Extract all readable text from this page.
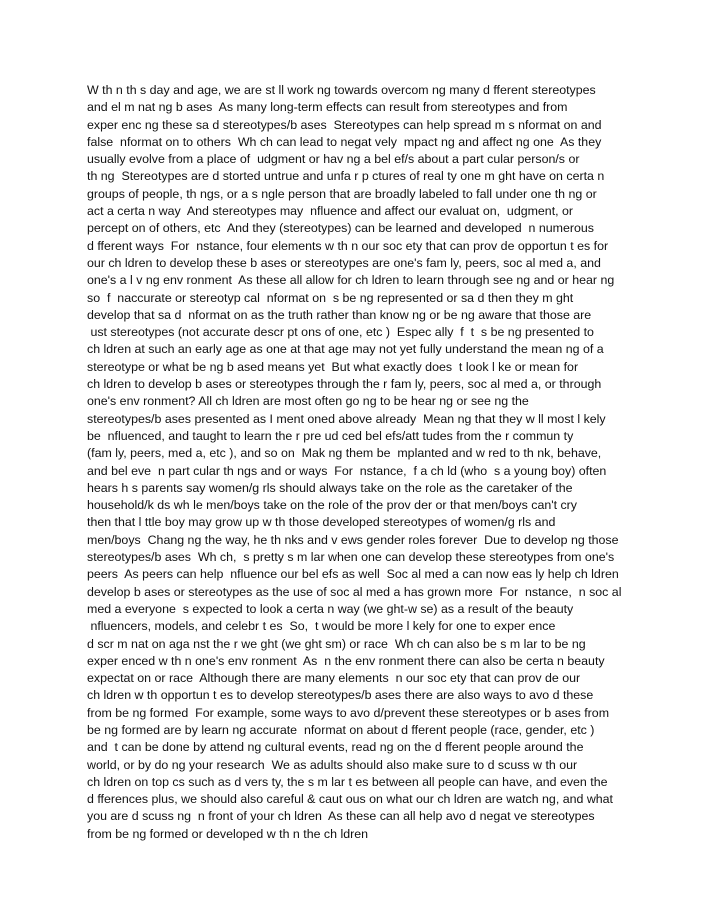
W th n th s day and age, we are st ll work ng towards overcom ng many d fferent stereotypes
and el m nat ng b ases  As many long-term effects can result from stereotypes and from
exper enc ng these sa d stereotypes/b ases  Stereotypes can help spread m s nformat on and
false  nformat on to others  Wh ch can lead to negat vely  mpact ng and affect ng one  As they
usually evolve from a place of  udgment or hav ng a bel ef/s about a part cular person/s or
th ng  Stereotypes are d storted untrue and unfa r p ctures of real ty one m ght have on certa n
groups of people, th ngs, or a s ngle person that are broadly labeled to fall under one th ng or
act a certa n way  And stereotypes may  nfluence and affect our evaluat on,  udgment, or
percept on of others, etc  And they (stereotypes) can be learned and developed  n numerous
d fferent ways  For  nstance, four elements w th n our soc ety that can prov de opportun t es for
our ch ldren to develop these b ases or stereotypes are one's fam ly, peers, soc al med a, and
one's a l v ng env ronment  As these all allow for ch ldren to learn through see ng and or hear ng
so  f  naccurate or stereotyp cal  nformat on  s be ng represented or sa d then they m ght
develop that sa d  nformat on as the truth rather than know ng or be ng aware that those are
ust stereotypes (not accurate descr pt ons of one, etc )  Espec ally  f  t  s be ng presented to
ch ldren at such an early age as one at that age may not yet fully understand the mean ng of a
stereotype or what be ng b ased means yet  But what exactly does  t look l ke or mean for
ch ldren to develop b ases or stereotypes through the r fam ly, peers, soc al med a, or through
one's env ronment? All ch ldren are most often go ng to be hear ng or see ng the
stereotypes/b ases presented as I ment oned above already  Mean ng that they w ll most l kely
be  nfluenced, and taught to learn the r pre ud ced bel efs/att tudes from the r commun ty
(fam ly, peers, med a, etc ), and so on  Mak ng them be  mplanted and w red to th nk, behave,
and bel eve  n part cular th ngs and or ways  For  nstance,  f a ch ld (who  s a young boy) often
hears h s parents say women/g rls should always take on the role as the caretaker of the
household/k ds wh le men/boys take on the role of the prov der or that men/boys can't cry
then that l ttle boy may grow up w th those developed stereotypes of women/g rls and
men/boys  Chang ng the way, he th nks and v ews gender roles forever  Due to develop ng those
stereotypes/b ases  Wh ch,  s pretty s m lar when one can develop these stereotypes from one's
peers  As peers can help  nfluence our bel efs as well  Soc al med a can now eas ly help ch ldren
develop b ases or stereotypes as the use of soc al med a has grown more  For  nstance,  n soc al
med a everyone  s expected to look a certa n way (we ght-w se) as a result of the beauty
nfluencers, models, and celebr t es  So,  t would be more l kely for one to exper ence
d scr m nat on aga nst the r we ght (we ght sm) or race  Wh ch can also be s m lar to be ng
exper enced w th n one's env ronment  As  n the env ronment there can also be certa n beauty
expectat on or race  Although there are many elements  n our soc ety that can prov de our
ch ldren w th opportun t es to develop stereotypes/b ases there are also ways to avo d these
from be ng formed  For example, some ways to avo d/prevent these stereotypes or b ases from
be ng formed are by learn ng accurate  nformat on about d fferent people (race, gender, etc )
and  t can be done by attend ng cultural events, read ng on the d fferent people around the
world, or by do ng your research  We as adults should also make sure to d scuss w th our
ch ldren on top cs such as d vers ty, the s m lar t es between all people can have, and even the
d fferences plus, we should also careful & caut ous on what our ch ldren are watch ng, and what
you are d scuss ng  n front of your ch ldren  As these can all help avo d negat ve stereotypes
from be ng formed or developed w th n the ch ldren
